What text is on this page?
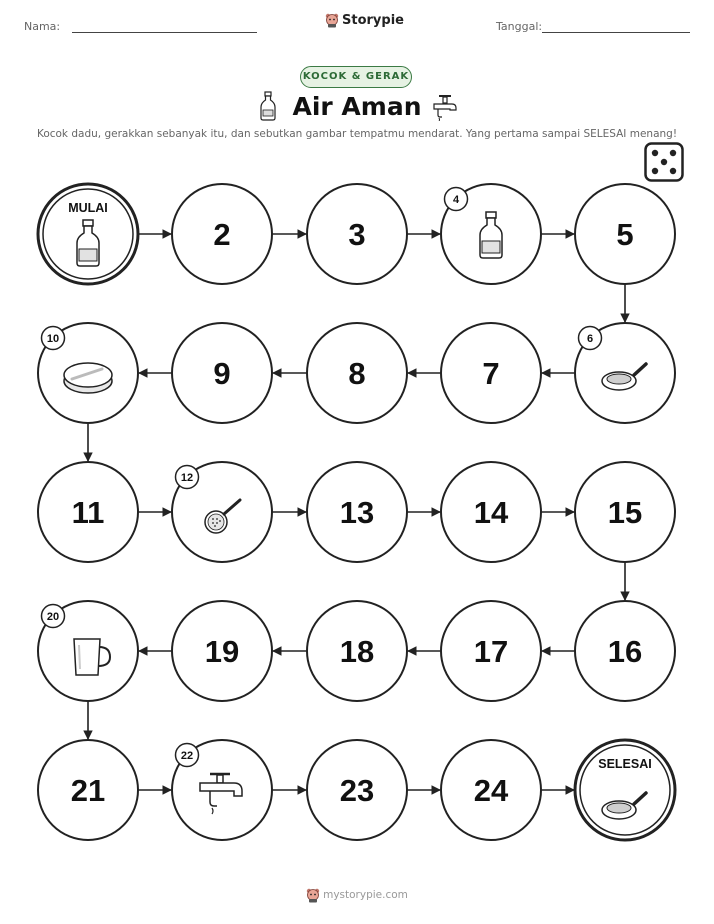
Nama:	Storypie	Tanggal:
KOCOK & GERAK
Air Aman
Kocok dadu, gerakkan sebanyak itu, dan sebutkan gambar tempatmu mendarat. Yang pertama sampai SELESAI menang!
MULAI
2	3
4
5
6
7
8
9
10
11
12
13	14	15
16
17
18
19
20
21
22
23	24
SELESAI
mystorypie.com
